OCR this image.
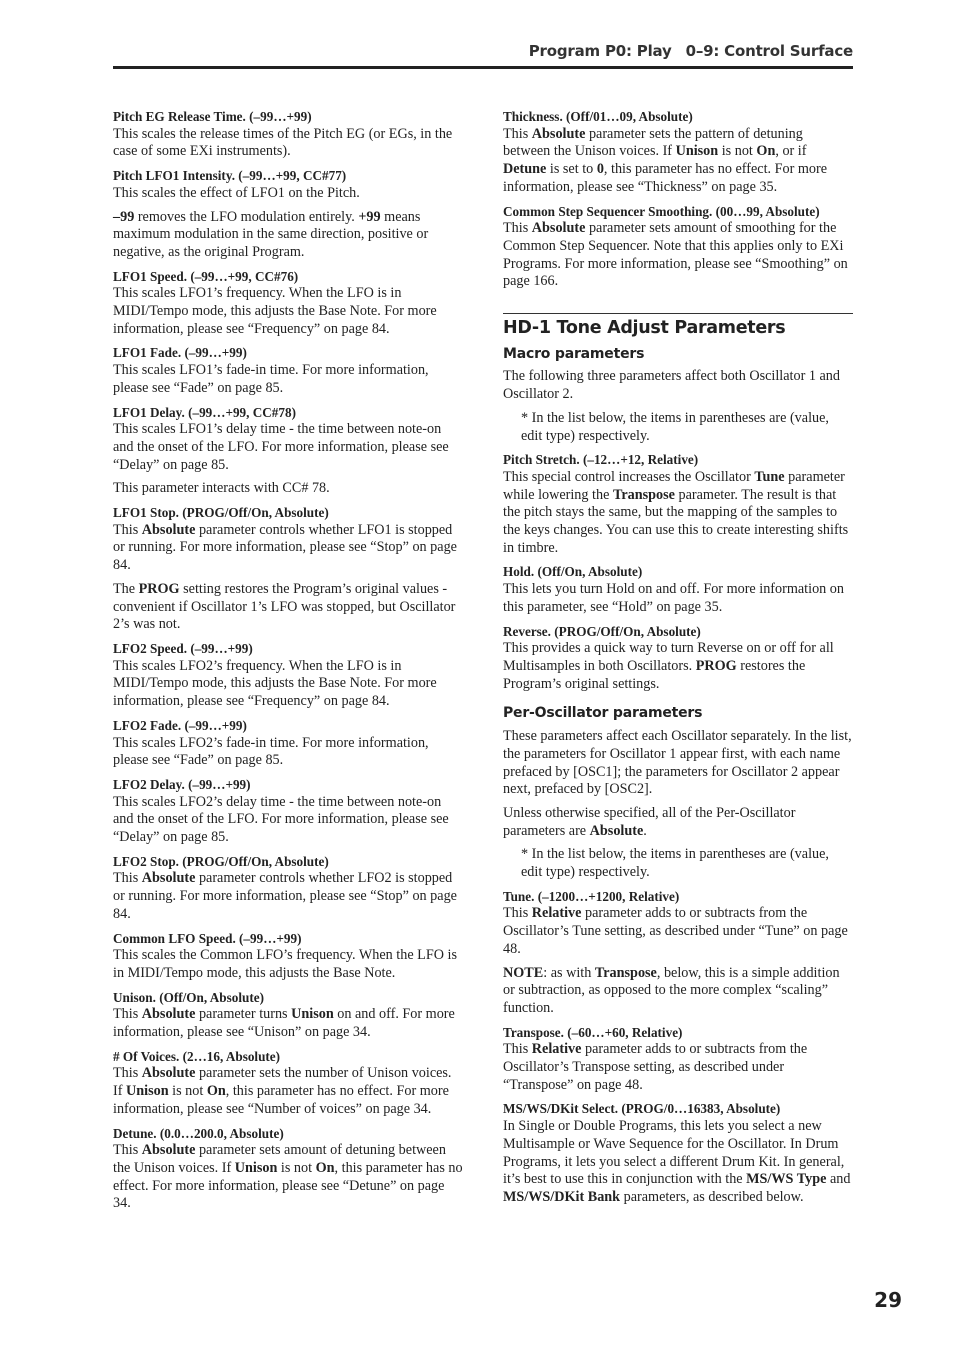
Program P0: Play 0–9: Control Surface
Pitch EG Release Time. (–99…+99)
This scales the release times of the Pitch EG (or EGs, in the case of some EXi instruments).
Pitch LFO1 Intensity. (–99…+99, CC#77)
This scales the effect of LFO1 on the Pitch.
–99 removes the LFO modulation entirely. +99 means maximum modulation in the same direction, positive or negative, as the original Program.
LFO1 Speed. (–99…+99, CC#76)
This scales LFO1’s frequency. When the LFO is in MIDI/Tempo mode, this adjusts the Base Note. For more information, please see “Frequency” on page 84.
LFO1 Fade. (–99…+99)
This scales LFO1’s fade-in time. For more information, please see “Fade” on page 85.
LFO1 Delay. (–99…+99, CC#78)
This scales LFO1’s delay time - the time between note-on and the onset of the LFO. For more information, please see “Delay” on page 85.
This parameter interacts with CC# 78.
LFO1 Stop. (PROG/Off/On, Absolute)
This Absolute parameter controls whether LFO1 is stopped or running. For more information, please see “Stop” on page 84.
The PROG setting restores the Program’s original values - convenient if Oscillator 1’s LFO was stopped, but Oscillator 2’s was not.
LFO2 Speed. (–99…+99)
This scales LFO2’s frequency. When the LFO is in MIDI/Tempo mode, this adjusts the Base Note. For more information, please see “Frequency” on page 84.
LFO2 Fade. (–99…+99)
This scales LFO2’s fade-in time. For more information, please see “Fade” on page 85.
LFO2 Delay. (–99…+99)
This scales LFO2’s delay time - the time between note-on and the onset of the LFO. For more information, please see “Delay” on page 85.
LFO2 Stop. (PROG/Off/On, Absolute)
This Absolute parameter controls whether LFO2 is stopped or running. For more information, please see “Stop” on page 84.
Common LFO Speed. (–99…+99)
This scales the Common LFO’s frequency. When the LFO is in MIDI/Tempo mode, this adjusts the Base Note.
Unison. (Off/On, Absolute)
This Absolute parameter turns Unison on and off. For more information, please see “Unison” on page 34.
# Of Voices. (2…16, Absolute)
This Absolute parameter sets the number of Unison voices. If Unison is not On, this parameter has no effect. For more information, please see “Number of voices” on page 34.
Detune. (0.0…200.0, Absolute)
This Absolute parameter sets amount of detuning between the Unison voices. If Unison is not On, this parameter has no effect. For more information, please see “Detune” on page 34.
Thickness. (Off/01…09, Absolute)
This Absolute parameter sets the pattern of detuning between the Unison voices. If Unison is not On, or if Detune is set to 0, this parameter has no effect. For more information, please see “Thickness” on page 35.
Common Step Sequencer Smoothing. (00…99, Absolute)
This Absolute parameter sets amount of smoothing for the Common Step Sequencer. Note that this applies only to EXi Programs. For more information, please see “Smoothing” on page 166.
HD-1 Tone Adjust Parameters
Macro parameters
The following three parameters affect both Oscillator 1 and Oscillator 2.
* In the list below, the items in parentheses are (value, edit type) respectively.
Pitch Stretch. (–12…+12, Relative)
This special control increases the Oscillator Tune parameter while lowering the Transpose parameter. The result is that the pitch stays the same, but the mapping of the samples to the keys changes. You can use this to create interesting shifts in timbre.
Hold. (Off/On, Absolute)
This lets you turn Hold on and off. For more information on this parameter, see “Hold” on page 35.
Reverse. (PROG/Off/On, Absolute)
This provides a quick way to turn Reverse on or off for all Multisamples in both Oscillators. PROG restores the Program’s original settings.
Per-Oscillator parameters
These parameters affect each Oscillator separately. In the list, the parameters for Oscillator 1 appear first, with each name prefaced by [OSC1]; the parameters for Oscillator 2 appear next, prefaced by [OSC2].
Unless otherwise specified, all of the Per-Oscillator parameters are Absolute.
* In the list below, the items in parentheses are (value, edit type) respectively.
Tune. (–1200…+1200, Relative)
This Relative parameter adds to or subtracts from the Oscillator’s Tune setting, as described under “Tune” on page 48.
NOTE: as with Transpose, below, this is a simple addition or subtraction, as opposed to the more complex “scaling” function.
Transpose. (–60…+60, Relative)
This Relative parameter adds to or subtracts from the Oscillator’s Transpose setting, as described under “Transpose” on page 48.
MS/WS/DKit Select. (PROG/0…16383, Absolute)
In Single or Double Programs, this lets you select a new Multisample or Wave Sequence for the Oscillator. In Drum Programs, it lets you select a different Drum Kit. In general, it’s best to use this in conjunction with the MS/WS Type and MS/WS/DKit Bank parameters, as described below.
29
